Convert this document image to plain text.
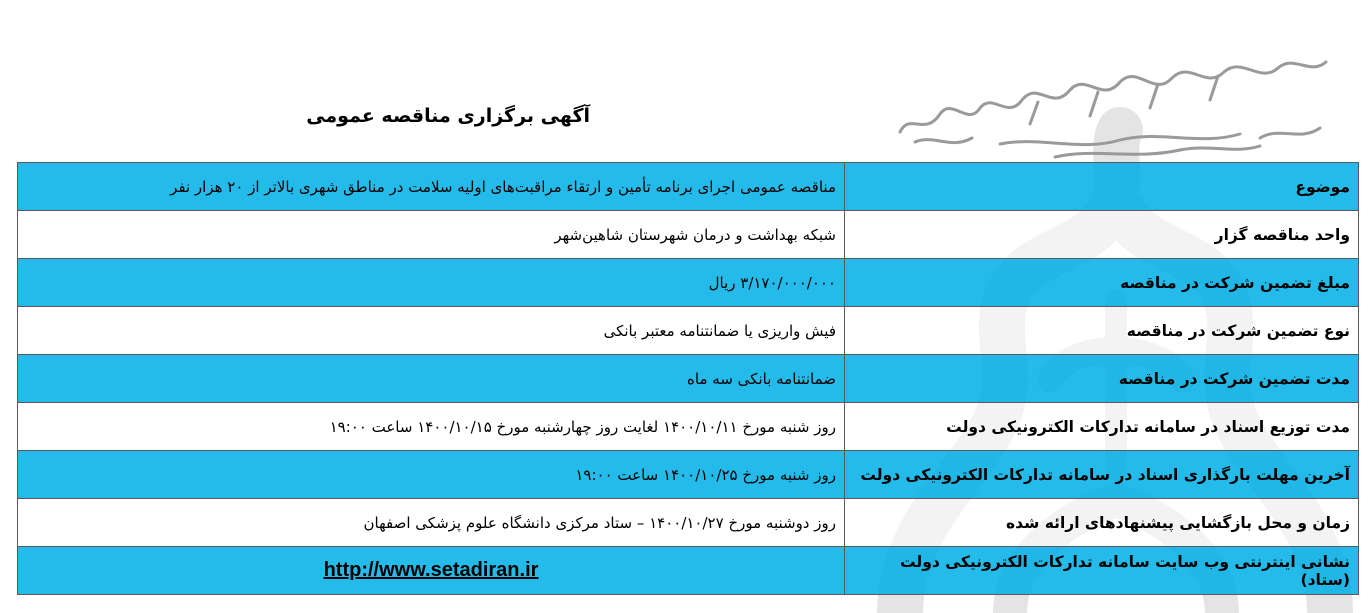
آگهی برگزاری مناقصه عمومی
موضوع	مناقصه عمومی اجرای برنامه تأمین و ارتقاء مراقبت‌های اولیه سلامت در مناطق شهری بالاتر از ۲۰ هزار نفر
واحد مناقصه گزار	شبکه بهداشت و درمان شهرستان شاهین‌شهر
مبلغ تضمین شرکت در مناقصه	۳/۱۷۰/۰۰۰/۰۰۰ ریال
نوع تضمین شرکت در مناقصه	فیش واریزی یا ضمانتنامه معتبر بانکی
مدت تضمین شرکت در مناقصه	ضمانتنامه بانکی سه ماه
مدت توزیع اسناد در سامانه تدارکات الکترونیکی دولت	روز شنبه مورخ ۱۴۰۰/۱۰/۱۱ لغایت روز چهارشنبه مورخ ۱۴۰۰/۱۰/۱۵ ساعت ۱۹:۰۰
آخرین مهلت بارگذاری اسناد در سامانه تدارکات الکترونیکی دولت	روز شنبه مورخ ۱۴۰۰/۱۰/۲۵ ساعت ۱۹:۰۰
زمان و محل بازگشایی پیشنهادهای ارائه شده	روز دوشنبه مورخ ۱۴۰۰/۱۰/۲۷ – ستاد مرکزی دانشگاه علوم پزشکی اصفهان
نشانی اینترنتی وب سایت سامانه تدارکات الکترونیکی دولت (ستاد)	http://www.setadiran.ir
